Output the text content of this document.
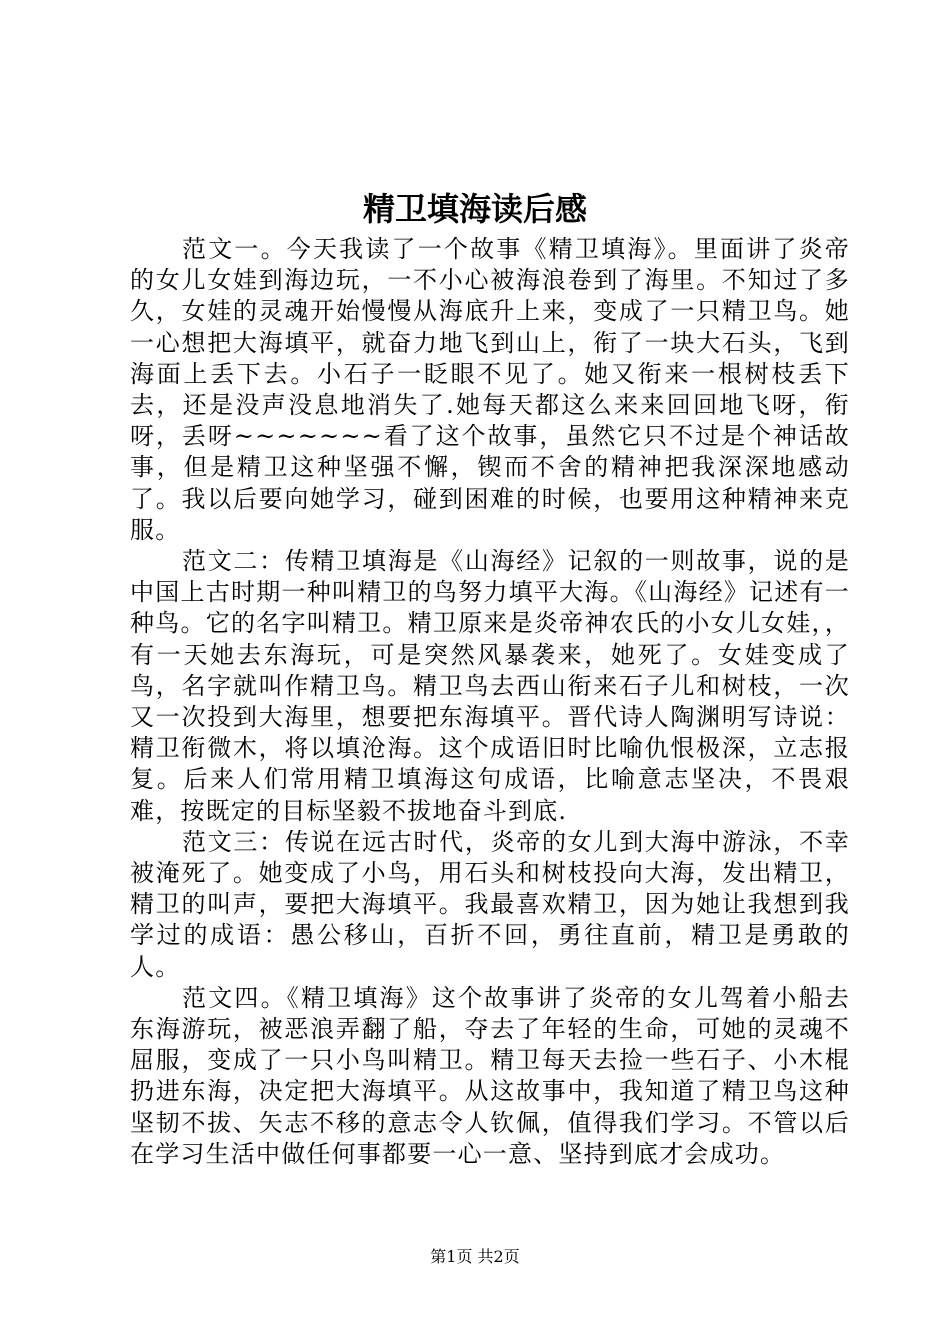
精卫填海读后感

范文一。今天我读了一个故事《精卫填海》。里面讲了炎帝的女儿女娃到海边玩，一不小心被海浪卷到了海里。不知过了多久，女娃的灵魂开始慢慢从海底升上来，变成了一只精卫鸟。她一心想把大海填平，就奋力地飞到山上，衔了一块大石头，飞到海面上丢下去。小石子一眨眼不见了。她又衔来一根树枝丢下去，还是没声没息地消失了.她每天都这么来来回回地飞呀，衔呀，丢呀~~~~~~~看了这个故事，虽然它只不过是个神话故事，但是精卫这种坚强不懈，锲而不舍的精神把我深深地感动了。我以后要向她学习，碰到困难的时候，也要用这种精神来克服。

范文二：传精卫填海是《山海经》记叙的一则故事，说的是中国上古时期一种叫精卫的鸟努力填平大海。《山海经》记述有一种鸟。它的名字叫精卫。精卫原来是炎帝神农氏的小女儿女娃，，有一天她去东海玩，可是突然风暴袭来，她死了。女娃变成了鸟，名字就叫作精卫鸟。精卫鸟去西山衔来石子儿和树枝，一次又一次投到大海里，想要把东海填平。晋代诗人陶渊明写诗说：精卫衔微木，将以填沧海。这个成语旧时比喻仇恨极深，立志报复。后来人们常用精卫填海这句成语，比喻意志坚决，不畏艰难，按既定的目标坚毅不拔地奋斗到底.

范文三：传说在远古时代，炎帝的女儿到大海中游泳，不幸被淹死了。她变成了小鸟，用石头和树枝投向大海，发出精卫，精卫的叫声，要把大海填平。我最喜欢精卫，因为她让我想到我学过的成语：愚公移山，百折不回，勇往直前，精卫是勇敢的人。

范文四。《精卫填海》这个故事讲了炎帝的女儿驾着小船去东海游玩，被恶浪弄翻了船，夺去了年轻的生命，可她的灵魂不屈服，变成了一只小鸟叫精卫。精卫每天去捡一些石子、小木棍扔进东海，决定把大海填平。从这故事中，我知道了精卫鸟这种坚韧不拔、矢志不移的意志令人钦佩，值得我们学习。不管以后在学习生活中做任何事都要一心一意、坚持到底才会成功。

第1页 共2页
